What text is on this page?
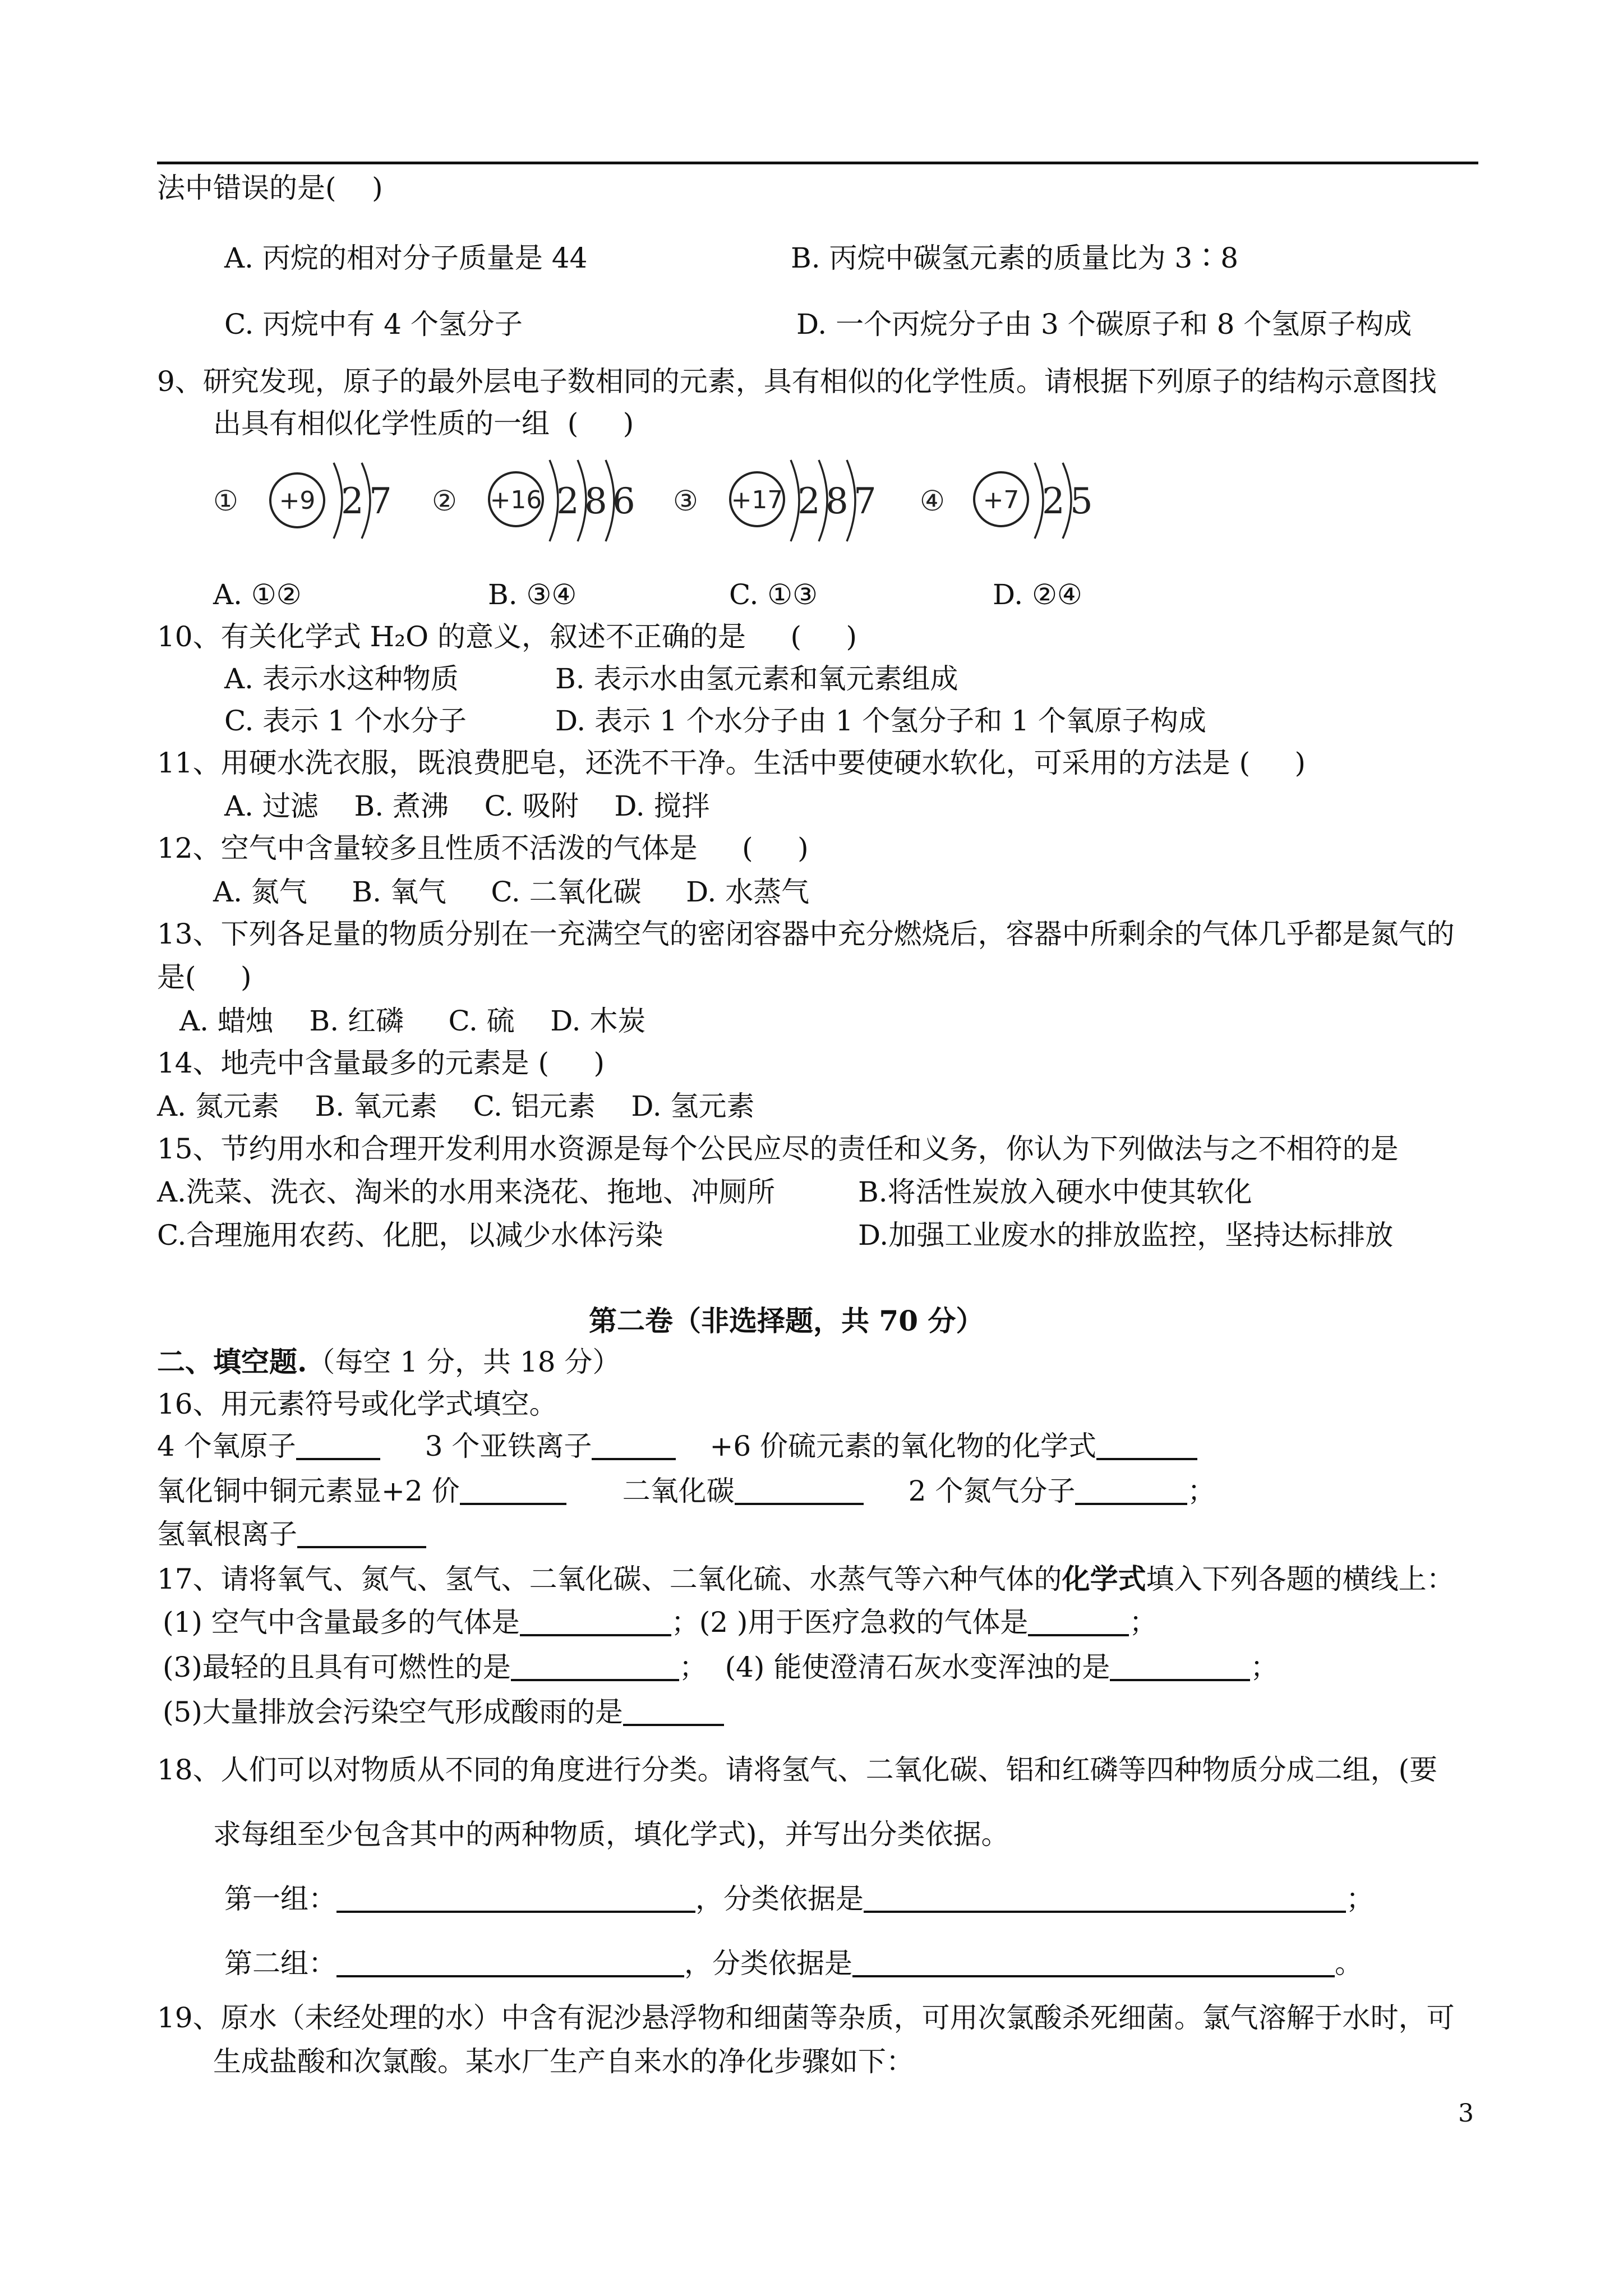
法中错误的是(    )
A. 丙烷的相对分子质量是 44	B. 丙烷中碳氢元素的质量比为 3∶8
C. 丙烷中有 4 个氢分子	D. 一个丙烷分子由 3 个碳原子和 8 个氢原子构成
9、研究发现，原子的最外层电子数相同的元素，具有相似的化学性质。请根据下列原子的结构示意图找
出具有相似化学性质的一组  (     )
① +9 2 7 ② +16 2 8 6 ③ +17 2 8 7 ④ +7 2 5
A. ①②	B. ③④	C. ①③	D. ②④
10、有关化学式 H₂O 的意义，叙述不正确的是     (     )
A. 表示水这种物质	B. 表示水由氢元素和氧元素组成
C. 表示 1 个水分子	D. 表示 1 个水分子由 1 个氢分子和 1 个氧原子构成
11、用硬水洗衣服，既浪费肥皂，还洗不干净。生活中要使硬水软化，可采用的方法是 (     )
A. 过滤    B. 煮沸    C. 吸附    D. 搅拌
12、空气中含量较多且性质不活泼的气体是     (     )
A. 氮气     B. 氧气     C. 二氧化碳     D. 水蒸气
13、下列各足量的物质分别在一充满空气的密闭容器中充分燃烧后，容器中所剩余的气体几乎都是氮气的
是(     )
A. 蜡烛    B. 红磷     C. 硫    D. 木炭
14、地壳中含量最多的元素是 (     )
A. 氮元素    B. 氧元素    C. 铝元素    D. 氢元素
15、节约用水和合理开发利用水资源是每个公民应尽的责任和义务，你认为下列做法与之不相符的是
A.洗菜、洗衣、淘米的水用来浇花、拖地、冲厕所	B.将活性炭放入硬水中使其软化
C.合理施用农药、化肥，以减少水体污染	D.加强工业废水的排放监控，坚持达标排放
第二卷（非选择题，共 70 分）
二、填空题.（每空 1 分，共 18 分）
16、用元素符号或化学式填空。
4 个氧原子	3 个亚铁离子	+6 价硫元素的氧化物的化学式
氧化铜中铜元素显+2 价	二氧化碳	2 个氮气分子	；
氢氧根离子
17、请将氧气、氮气、氢气、二氧化碳、二氧化硫、水蒸气等六种气体的化学式填入下列各题的横线上：
(1) 空气中含量最多的气体是	；(2 )用于医疗急救的气体是	；
(3)最轻的且具有可燃性的是	；  (4) 能使澄清石灰水变浑浊的是	；
(5)大量排放会污染空气形成酸雨的是
18、人们可以对物质从不同的角度进行分类。请将氢气、二氧化碳、铝和红磷等四种物质分成二组，(要
求每组至少包含其中的两种物质，填化学式)，并写出分类依据。
第一组：	，分类依据是	；
第二组：	，分类依据是	。
19、原水（未经处理的水）中含有泥沙悬浮物和细菌等杂质，可用次氯酸杀死细菌。氯气溶解于水时，可
生成盐酸和次氯酸。某水厂生产自来水的净化步骤如下：
3
